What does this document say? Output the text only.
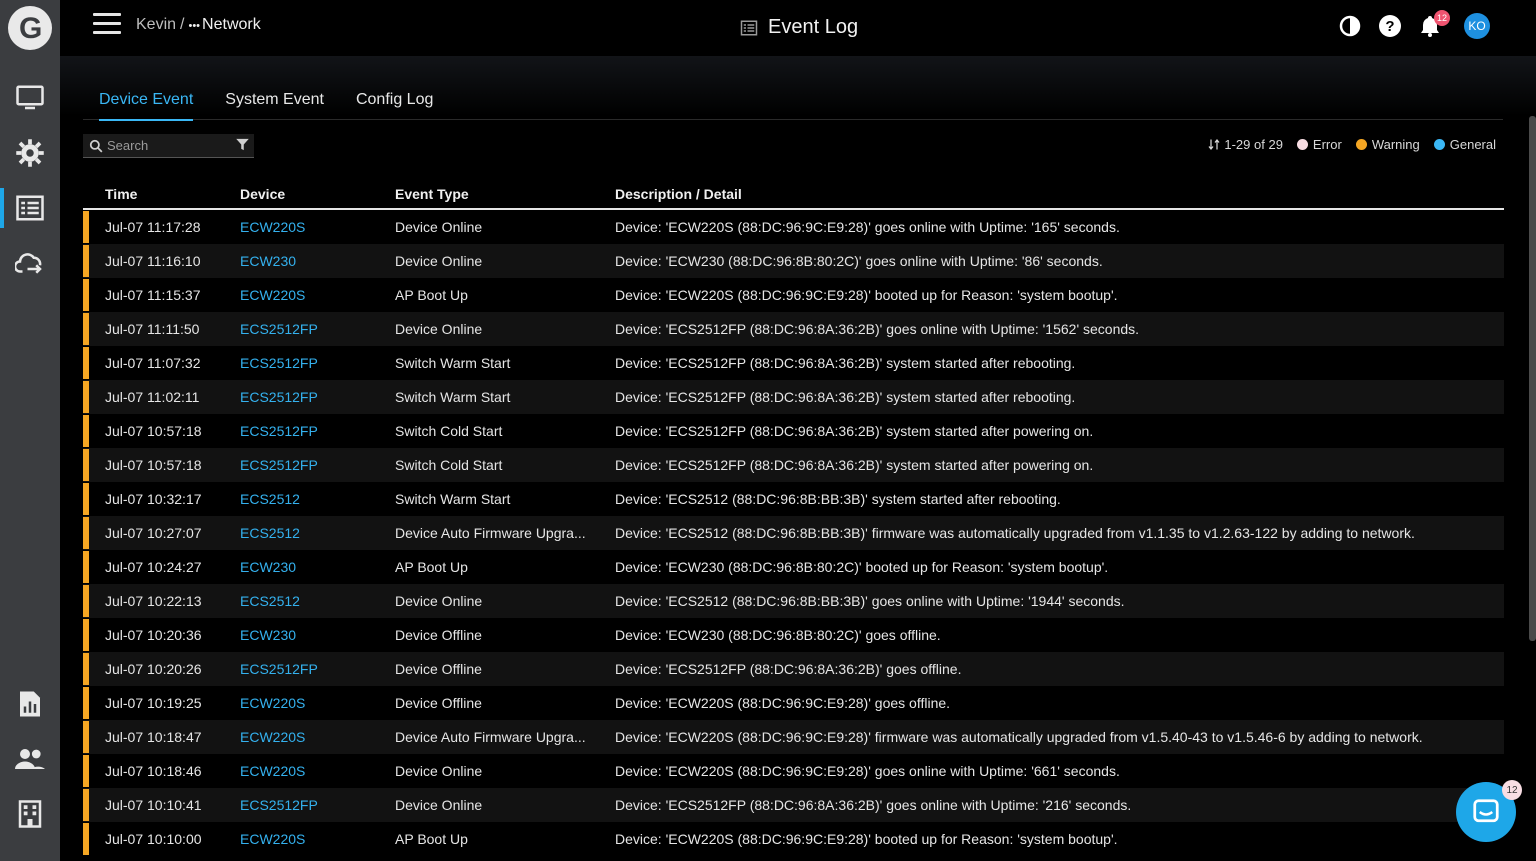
G	Kevin / ••• Network	Event Log	?	12
KO
Device Event System Event Config Log
Search
1-29 of 29 Error Warning General
Time	Device	Event Type	Description / Detail
Jul-07 11:17:28	ECW220S	Device Online	Device: 'ECW220S (88:DC:96:9C:E9:28)' goes online with Uptime: '165' seconds.
Jul-07 11:16:10	ECW230	Device Online	Device: 'ECW230 (88:DC:96:8B:80:2C)' goes online with Uptime: '86' seconds.
Jul-07 11:15:37	ECW220S	AP Boot Up	Device: 'ECW220S (88:DC:96:9C:E9:28)' booted up for Reason: 'system bootup'.
Jul-07 11:11:50	ECS2512FP	Device Online	Device: 'ECS2512FP (88:DC:96:8A:36:2B)' goes online with Uptime: '1562' seconds.
Jul-07 11:07:32	ECS2512FP	Switch Warm Start	Device: 'ECS2512FP (88:DC:96:8A:36:2B)' system started after rebooting.
Jul-07 11:02:11	ECS2512FP	Switch Warm Start	Device: 'ECS2512FP (88:DC:96:8A:36:2B)' system started after rebooting.
Jul-07 10:57:18	ECS2512FP	Switch Cold Start	Device: 'ECS2512FP (88:DC:96:8A:36:2B)' system started after powering on.
Jul-07 10:57:18	ECS2512FP	Switch Cold Start	Device: 'ECS2512FP (88:DC:96:8A:36:2B)' system started after powering on.
Jul-07 10:32:17	ECS2512	Switch Warm Start	Device: 'ECS2512 (88:DC:96:8B:BB:3B)' system started after rebooting.
Jul-07 10:27:07	ECS2512	Device Auto Firmware Upgra...	Device: 'ECS2512 (88:DC:96:8B:BB:3B)' firmware was automatically upgraded from v1.1.35 to v1.2.63-122 by adding to network.
Jul-07 10:24:27	ECW230	AP Boot Up	Device: 'ECW230 (88:DC:96:8B:80:2C)' booted up for Reason: 'system bootup'.
Jul-07 10:22:13	ECS2512	Device Online	Device: 'ECS2512 (88:DC:96:8B:BB:3B)' goes online with Uptime: '1944' seconds.
Jul-07 10:20:36	ECW230	Device Offline	Device: 'ECW230 (88:DC:96:8B:80:2C)' goes offline.
Jul-07 10:20:26	ECS2512FP	Device Offline	Device: 'ECS2512FP (88:DC:96:8A:36:2B)' goes offline.
Jul-07 10:19:25	ECW220S	Device Offline	Device: 'ECW220S (88:DC:96:9C:E9:28)' goes offline.
Jul-07 10:18:47	ECW220S	Device Auto Firmware Upgra...	Device: 'ECW220S (88:DC:96:9C:E9:28)' firmware was automatically upgraded from v1.5.40-43 to v1.5.46-6 by adding to network.
Jul-07 10:18:46	ECW220S	Device Online	Device: 'ECW220S (88:DC:96:9C:E9:28)' goes online with Uptime: '661' seconds.
Jul-07 10:10:41	ECS2512FP	Device Online	Device: 'ECS2512FP (88:DC:96:8A:36:2B)' goes online with Uptime: '216' seconds.
Jul-07 10:10:00	ECW220S	AP Boot Up	Device: 'ECW220S (88:DC:96:9C:E9:28)' booted up for Reason: 'system bootup'.
12
